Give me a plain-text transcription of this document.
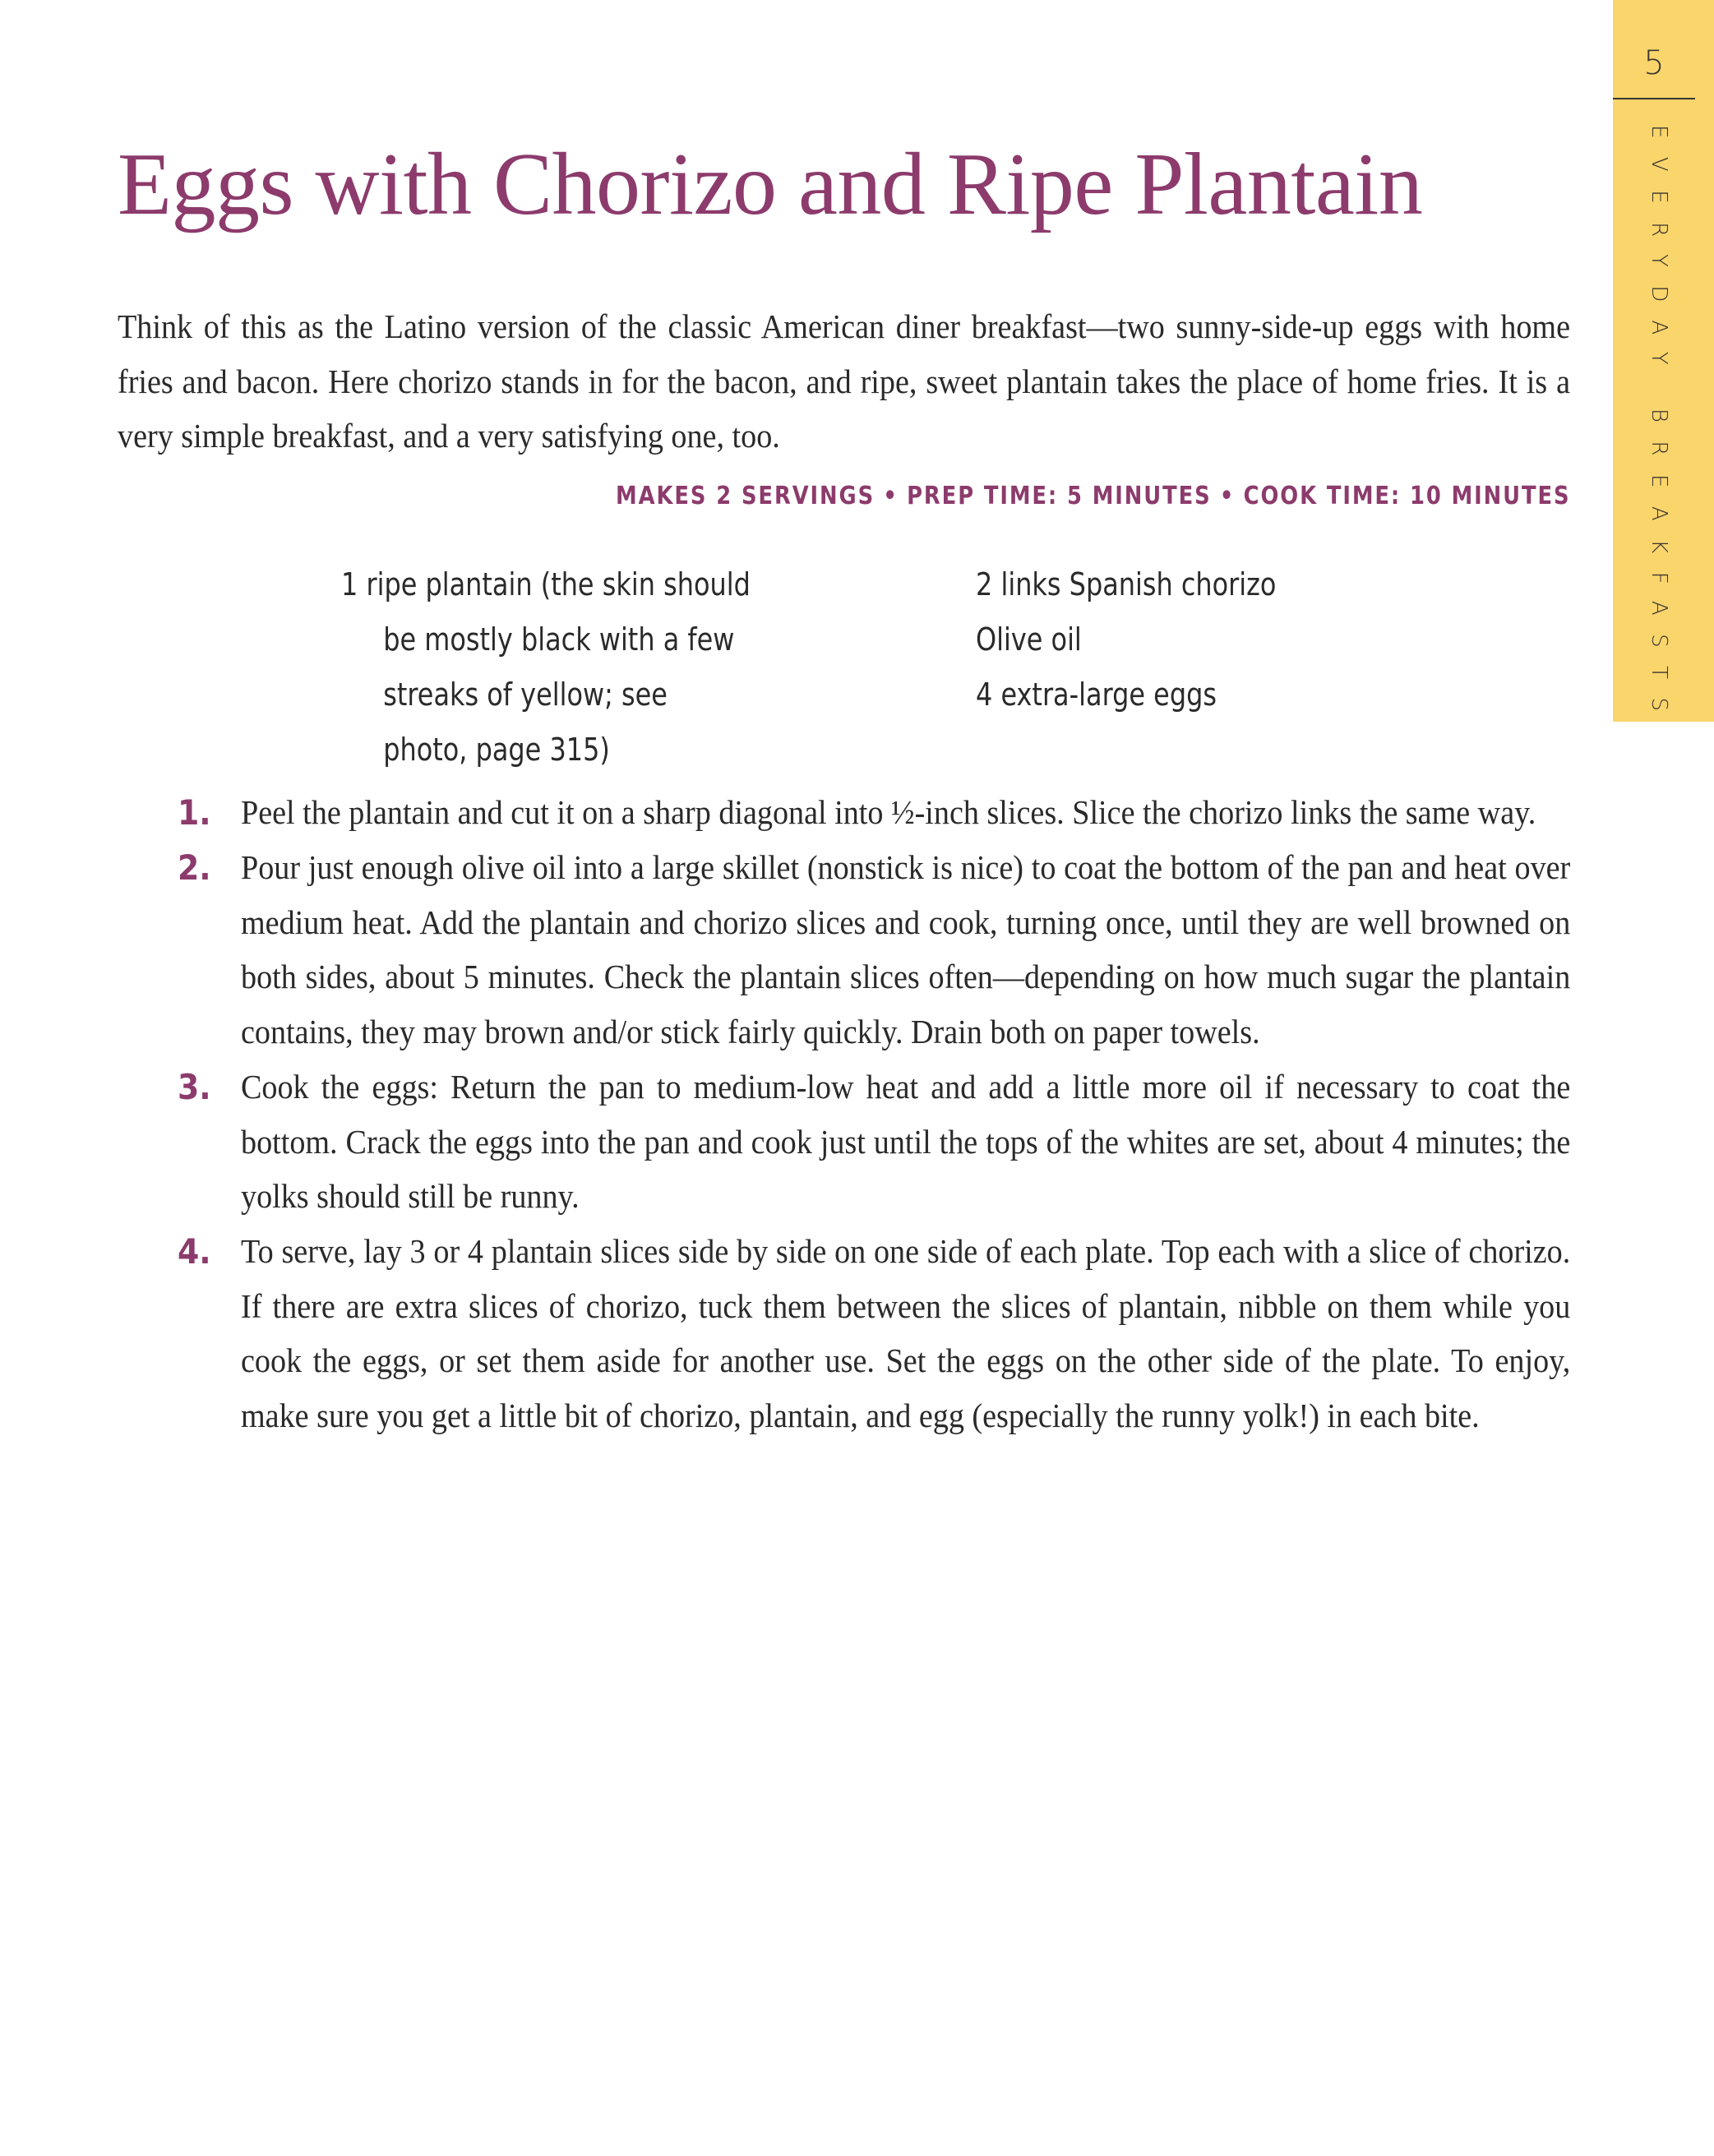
5
EVERYDAY BREAKFASTS
Eggs with Chorizo and Ripe Plantain

Think of this as the Latino version of the classic American diner breakfast—two sunny-side-up eggs with home fries and bacon. Here chorizo stands in for the bacon, and ripe, sweet plantain takes the place of home fries. It is a very simple breakfast, and a very satisfying one, too.

MAKES 2 SERVINGS • PREP TIME: 5 MINUTES • COOK TIME: 10 MINUTES
1 ripe plantain (the skin should be mostly black with a few streaks of yellow; see photo, page 315)
2 links Spanish chorizo
Olive oil
4 extra-large eggs
1. Peel the plantain and cut it on a sharp diagonal into ½-inch slices. Slice the chorizo links the same way.

2. Pour just enough olive oil into a large skillet (nonstick is nice) to coat the bottom of the pan and heat over medium heat. Add the plantain and chorizo slices and cook, turning once, until they are well browned on both sides, about 5 minutes. Check the plantain slices often—depending on how much sugar the plantain contains, they may brown and/or stick fairly quickly. Drain both on paper towels.

3. Cook the eggs: Return the pan to medium-low heat and add a little more oil if necessary to coat the bottom. Crack the eggs into the pan and cook just until the tops of the whites are set, about 4 minutes; the yolks should still be runny.

4. To serve, lay 3 or 4 plantain slices side by side on one side of each plate. Top each with a slice of chorizo. If there are extra slices of chorizo, tuck them between the slices of plantain, nibble on them while you cook the eggs, or set them aside for another use. Set the eggs on the other side of the plate. To enjoy, make sure you get a little bit of chorizo, plantain, and egg (especially the runny yolk!) in each bite.
